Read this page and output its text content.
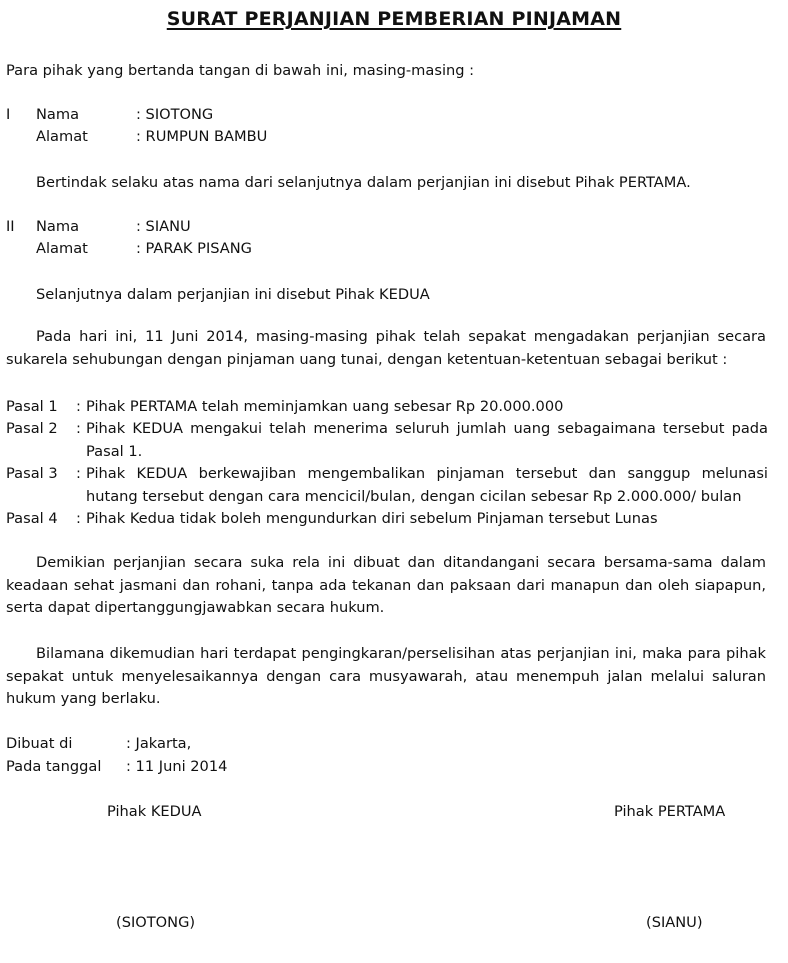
SURAT PERJANJIAN PEMBERIAN PINJAMAN
Para pihak yang bertanda tangan di bawah ini, masing-masing :
I Nama	: SIOTONG
Alamat	: RUMPUN BAMBU
Bertindak selaku atas nama dari selanjutnya dalam perjanjian ini disebut Pihak PERTAMA.
II Nama	: SIANU
Alamat	: PARAK PISANG
Selanjutnya dalam perjanjian ini disebut Pihak KEDUA
Pada hari ini, 11 Juni 2014, masing-masing pihak telah sepakat mengadakan perjanjian secara sukarela sehubungan dengan pinjaman uang tunai, dengan ketentuan-ketentuan sebagai berikut :
Pasal 1 : Pihak PERTAMA telah meminjamkan uang sebesar Rp 20.000.000
Pasal 2 : Pihak KEDUA mengakui telah menerima seluruh jumlah uang sebagaimana tersebut pada Pasal 1.
Pasal 3 : Pihak KEDUA berkewajiban mengembalikan pinjaman tersebut dan sanggup melunasi hutang tersebut dengan cara mencicil/bulan, dengan cicilan sebesar Rp 2.000.000/ bulan
Pasal 4 : Pihak Kedua tidak boleh mengundurkan diri sebelum Pinjaman tersebut Lunas
Demikian perjanjian secara suka rela ini dibuat dan ditandangani secara bersama-sama dalam keadaan sehat jasmani dan rohani, tanpa ada tekanan dan paksaan dari manapun dan oleh siapapun, serta dapat dipertanggungjawabkan secara hukum.
Bilamana dikemudian hari terdapat pengingkaran/perselisihan atas perjanjian ini, maka para pihak sepakat untuk menyelesaikannya dengan cara musyawarah, atau menempuh jalan melalui saluran hukum yang berlaku.
Dibuat di	: Jakarta,
Pada tanggal : 11 Juni 2014
Pihak KEDUA	Pihak PERTAMA
(SIOTONG)	(SIANU)
